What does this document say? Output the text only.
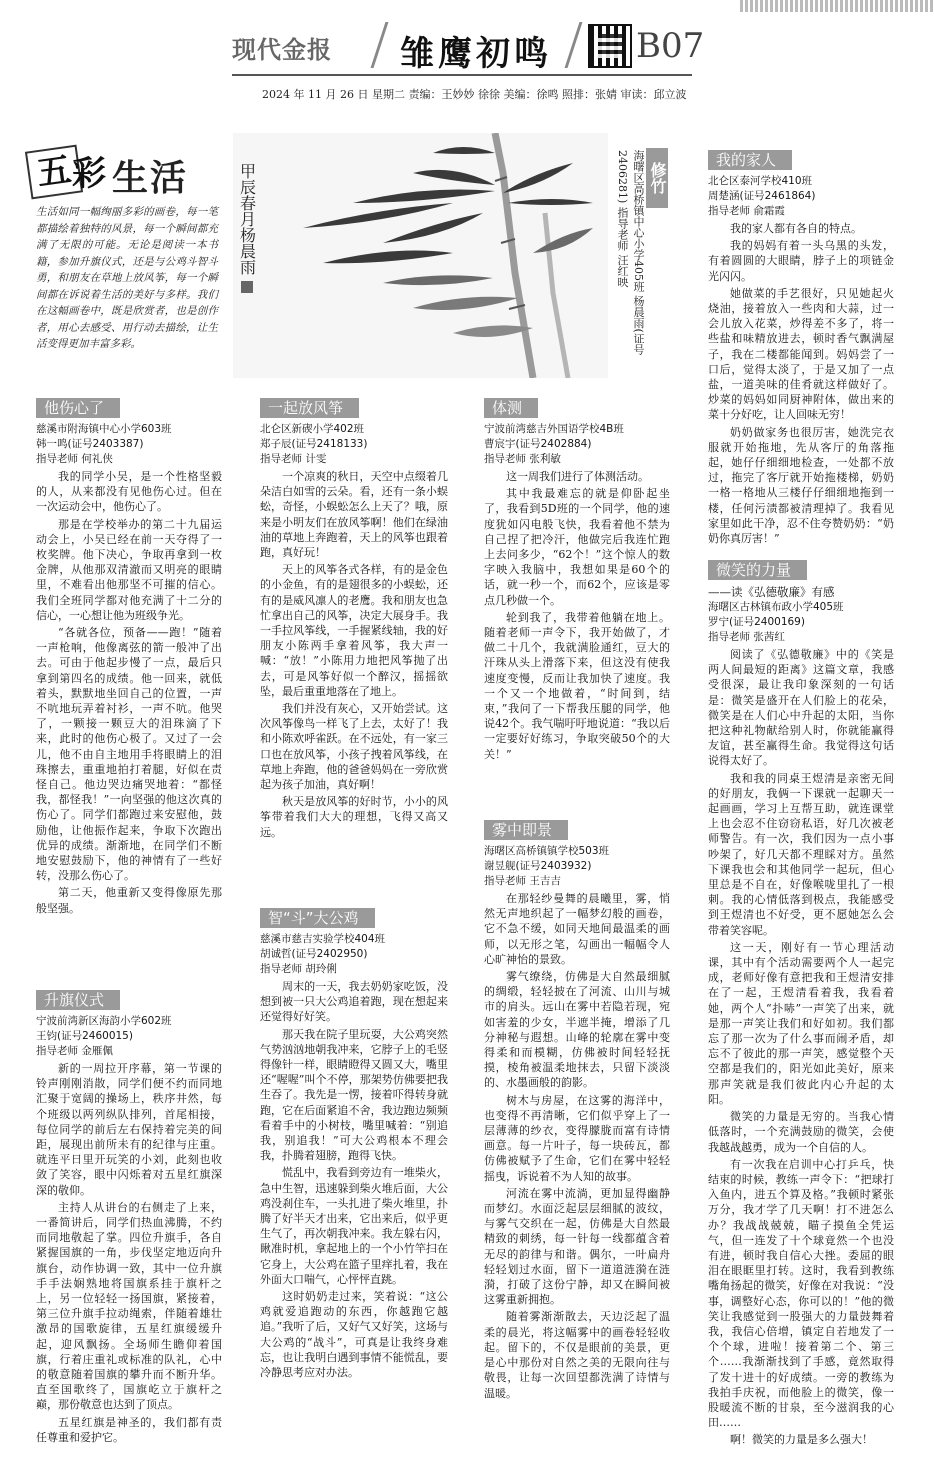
现代金报 雏鹰初鸣 B07
2024 年 11 月 26 日 星期二 责编：王妙妙 徐徐 美编：徐鸣 照排：张婧 审读：邱立波
五
彩 生活
生活如同一幅绚丽多彩的画卷，每一笔都描绘着独特的风景，每一个瞬间都充满了无限的可能。无论是阅读一本书籍，参加升旗仪式，还是与公鸡斗智斗勇，和朋友在草地上放风筝，每一个瞬间都在诉说着生活的美好与多样。我们在这幅画卷中，既是欣赏者，也是创作者，用心去感受、用行动去描绘，让生活变得更加丰富多彩。
甲辰春月杨晨雨	修竹
海曙区高桥镇中心小学405班 杨晨雨(证号2406281) 指导老师 汪红映
他伤心了
慈溪市附海镇中心小学603班
韩一鸣(证号2403387)
指导老师 何礼侠

我的同学小吴，是一个性格坚毅的人，从来都没有见他伤心过。但在一次运动会中，他伤心了。

那是在学校举办的第二十九届运动会上，小吴已经在前一天夺得了一枚奖牌。他下决心，争取再拿到一枚金牌，从他那双清澈而又明亮的眼睛里，不难看出他那坚不可摧的信心。我们全班同学都对他充满了十二分的信心，一心想让他为班级争光。

“各就各位，预备——跑！”随着一声枪响，他像离弦的箭一般冲了出去。可由于他起步慢了一点，最后只拿到第四名的成绩。他一回来，就低着头，默默地坐回自己的位置，一声不吭地玩弄着衬衫，一声不吭。他哭了，一颗接一颗豆大的泪珠滴了下来，此时的他伤心极了。又过了一会儿，他不由自主地用手将眼睛上的泪珠擦去，重重地拍打着腿，好似在责怪自己。他边哭边痛哭地着：“都怪我，都怪我！”一向坚强的他这次真的伤心了。同学们都跑过来安慰他，鼓励他，让他振作起来，争取下次跑出优异的成绩。渐渐地，在同学们不断地安慰鼓励下，他的神情有了一些好转，没那么伤心了。

第二天，他重新又变得像原先那般坚强。

升旗仪式
宁波前湾新区海韵小学602班
王钧(证号2460015)
指导老师 金雁佩

新的一周拉开序幕，第一节课的铃声刚刚消散，同学们便不约而同地汇聚于宽阔的操场上，秩序井然，每个班级以两列纵队排列，首尾相接，每位同学的前后左右保持着完美的间距，展现出前所未有的纪律与庄重。就连平日里开玩笑的小刘，此刻也收敛了笑容，眼中闪烁着对五星红旗深深的敬仰。

主持人从讲台的右侧走了上来，一番简讲后，同学们热血沸腾，不约而同地敬起了掌。四位升旗手，各自紧握国旗的一角，步伐坚定地迈向升旗台，动作协调一致，其中一位升旗手手法娴熟地将国旗系挂于旗杆之上，另一位轻轻一扬国旗，紧接着，第三位升旗手拉动绳索，伴随着雄壮激昂的国歌旋律，五星红旗缓缓升起，迎风飘扬。全场师生瞻仰着国旗，行着庄重礼或标准的队礼，心中的敬意随着国旗的攀升而不断升华。直至国歌终了，国旗屹立于旗杆之巅，那份敬意也达到了顶点。

五星红旗是神圣的，我们都有责任尊重和爱护它。

一起放风筝
北仑区新碶小学402班
郑子辰(证号2418133)
指导老师 计雯

一个凉爽的秋日，天空中点缀着几朵洁白如雪的云朵。看，还有一条小蜈蚣，奇怪，小蜈蚣怎么上天了？哦，原来是小明友们在放风筝啊！他们在绿油油的草地上奔跑着，天上的风筝也跟着跑，真好玩！

天上的风筝各式各样，有的是金色的小金鱼，有的是翅很多的小蜈蚣，还有的是威风凛人的老鹰。我和朋友也急忙拿出自己的风筝，决定大展身手。我一手拉风筝线，一手握紧线轴，我的好朋友小陈两手拿着风筝，我大声一喊：“放！”小陈用力地把风筝抛了出去，可是风筝好似一个醉汉，摇摇欲坠，最后重重地落在了地上。

我们并没有灰心，又开始尝试。这次风筝像鸟一样飞了上去，太好了！我和小陈欢呼雀跃。在不远处，有一家三口也在放风筝，小孩子拽着风筝线，在草地上奔跑，他的爸爸妈妈在一旁欣赏起为孩子加油，真好啊！

秋天是放风筝的好时节，小小的风筝带着我们大大的理想，飞得又高又远。

智“斗”大公鸡
慈溪市慈吉实验学校404班
胡诚哲(证号2402950)
指导老师 胡玲俐

周末的一天，我去奶奶家吃饭，没想到被一只大公鸡追着跑，现在想起来还觉得好好笑。

那天我在院子里玩耍，大公鸡突然气势汹汹地朝我冲来，它脖子上的毛竖得像针一样，眼睛瞪得又圆又大，嘴里还“喔喔”叫个不停，那架势仿佛要把我生吞了。我先是一愣，接着吓得转身就跑，它在后面紧追不舍，我边跑边频频看着手中的小树枝，嘴里喊着：“别追我，别追我！”可大公鸡根本不理会我，扑腾着翅膀，跑得飞快。

慌乱中，我看到旁边有一堆柴火，急中生智，迅速躲到柴火堆后面，大公鸡没刹住车，一头扎进了柴火堆里，扑腾了好半天才出来，它出来后，似乎更生气了，再次朝我冲来。我左躲右闪，瞅准时机，拿起地上的一个小竹竿扫在它身上，大公鸡在篮子里痒扎着，我在外面大口喘气，心怦怦直跳。

这时奶奶走过来，笑着说：“这公鸡就爱追跑动的东西，你越跑它越追。”我听了后，又好气又好笑，这场与大公鸡的“战斗”，可真是让我终身难忘，也让我明白遇到事情不能慌乱，要冷静思考应对办法。

体测
宁波前湾慈吉外国语学校4B班
曹宸宇(证号2402884)
指导老师 张利敏

这一周我们进行了体测活动。

其中我最难忘的就是仰卧起坐了，我看到5D班的一个同学，他的速度犹如闪电般飞快，我看着他不禁为自己捏了把冷汗，他做完后我连忙跑上去问多少，“62个！”这个惊人的数字映入我脑中，我想如果是60个的话，就一秒一个，而62个，应该是零点几秒做一个。

轮到我了，我带着他躺在地上。随着老师一声令下，我开始做了，才做二十几个，我就满脸通红，豆大的汗珠从头上滑落下来，但这没有使我速度变慢，反而让我加快了速度。我一个又一个地做着，“时间到，结束，”我问了一下帮我压腿的同学，他说42个。我气喘吁吁地说道：“我以后一定要好好练习，争取突破50个的大关！”

雾中即景
海曙区高桥镇镇学校503班
谢昱舰(证号2403932)
指导老师 王吉吉

在那轻纱曼舞的晨曦里，雾，悄然无声地织起了一幅梦幻般的画卷，它不急不缓，如同天地间最温柔的画师，以无形之笔，勾画出一幅幅令人心旷神怡的景致。

雾气缭绕，仿佛是大自然最细腻的绸缎，轻轻披在了河流、山川与城市的肩头。远山在雾中若隐若现，宛如害羞的少女，半遮半掩，增添了几分神秘与遐想。山峰的轮廓在雾中变得柔和而模糊，仿佛被时间轻轻抚摸，棱角被温柔地抹去，只留下淡淡的、水墨画般的韵影。

树木与房屋，在这雾的海洋中，也变得不再清晰，它们似乎穿上了一层薄薄的纱衣，变得朦胧而富有诗情画意。每一片叶子，每一块砖瓦，都仿佛被赋予了生命，它们在雾中轻轻摇曳，诉说着不为人知的故事。

河流在雾中流淌，更加显得幽静而梦幻。水面泛起层层细腻的波纹，与雾气交织在一起，仿佛是大自然最精致的刺绣，每一针每一线都蕴含着无尽的韵律与和谐。偶尔，一叶扁舟轻轻划过水面，留下一道道涟漪在涟漪，打破了这份宁静，却又在瞬间被这雾重新拥抱。

随着雾渐渐散去，天边泛起了温柔的晨光，将这幅雾中的画卷轻轻收起。留下的，不仅是眼前的美景，更是心中那份对自然之美的无限向往与敬畏，让每一次回望都洗满了诗情与温暖。

我的家人
北仑区泰河学校410班
周楚涵(证号2461864)
指导老师 俞霜霞

我的家人都有各自的特点。

我的妈妈有着一头乌黑的头发，有着圆圆的大眼睛，脖子上的项链金光闪闪。

她做菜的手艺很好，只见她起火烧油，接着放入一些肉和大蒜，过一会儿放入花菜，炒得差不多了，将一些盐和味精放进去，顿时香气飘满屋子，我在二楼都能闻到。妈妈尝了一口后，觉得太淡了，于是又加了一点盐，一道美味的佳肴就这样做好了。炒菜的妈妈如同厨神附体，做出来的菜十分好吃，让人回味无穷！

奶奶做家务也很厉害，她洗完衣服就开始拖地，先从客厅的角落拖起，她仔仔细细地检查，一处都不放过，拖完了客厅就开始拖楼梯，奶奶一格一格地从三楼仔仔细细地拖到一楼，任何污渍都被清理掉了。我看见家里如此干净，忍不住夸赞奶奶：“奶奶你真厉害！”

微笑的力量
——读《弘德敬廉》有感
海曙区古林镇布政小学405班
罗宁(证号2400169)
指导老师 张茜红

阅读了《弘德敬廉》中的《笑是两人间最短的距离》这篇文章，我感受很深，最让我印象深刻的一句话是：微笑是盛开在人们脸上的花朵，微笑是在人们心中升起的太阳，当你把这种礼物献给别人时，你就能赢得友谊，甚至赢得生命。我觉得这句话说得太好了。

我和我的同桌王煜清是亲密无间的好朋友，我俩一下课就一起聊天一起画画，学习上互帮互助，就连课堂上也会忍不住窃窃私语，好几次被老师警告。有一次，我们因为一点小事吵架了，好几天都不理睬对方。虽然下课我也会和其他同学一起玩，但心里总是不自在，好像喉咙里扎了一根刺。我的心情低落到极点，我能感受到王煜清也不好受，更不愿她怎么会带着笑容呢。

这一天，刚好有一节心理活动课，其中有个活动需要两个人一起完成，老师好像有意把我和王煜清安排在了一起，王煜清看着我，我看着她，两个人“扑哧”一声笑了出来，就是那一声笑让我们和好如初。我们都忘了那一次为了什么事而闹矛盾，却忘不了彼此的那一声笑，感觉整个天空都是我们的，阳光如此美好，原来那声笑就是我们彼此内心升起的太阳。

微笑的力量是无穷的。当我心情低落时，一个充满鼓励的微笑，会使我越战越勇，成为一个自信的人。

有一次我在启训中心打乒乓，快结束的时候，教练一声令下：“把球打入鱼内，进五个算及格。”我顿时紧张万分，我才学了几天啊！打不进怎么办？我战战兢兢，瞄子摸鱼全凭运气，但一连发了十个球竟然一个也没有进，顿时我自信心大挫。委屈的眼泪在眼眶里打转。这时，我看到教练嘴角扬起的微笑，好像在对我说：“没事，调整好心态，你可以的！”他的微笑让我感觉到一股强大的力量鼓舞着我，我信心倍增，镇定自若地发了一个个球，进啦！接着第二个、第三个……我渐渐找到了手感，竟然取得了发十进十的好成绩。一旁的教练为我拍手庆祝，而他脸上的微笑，像一股暖流不断的甘泉，至今滋润我的心田……

啊！微笑的力量是多么强大！
